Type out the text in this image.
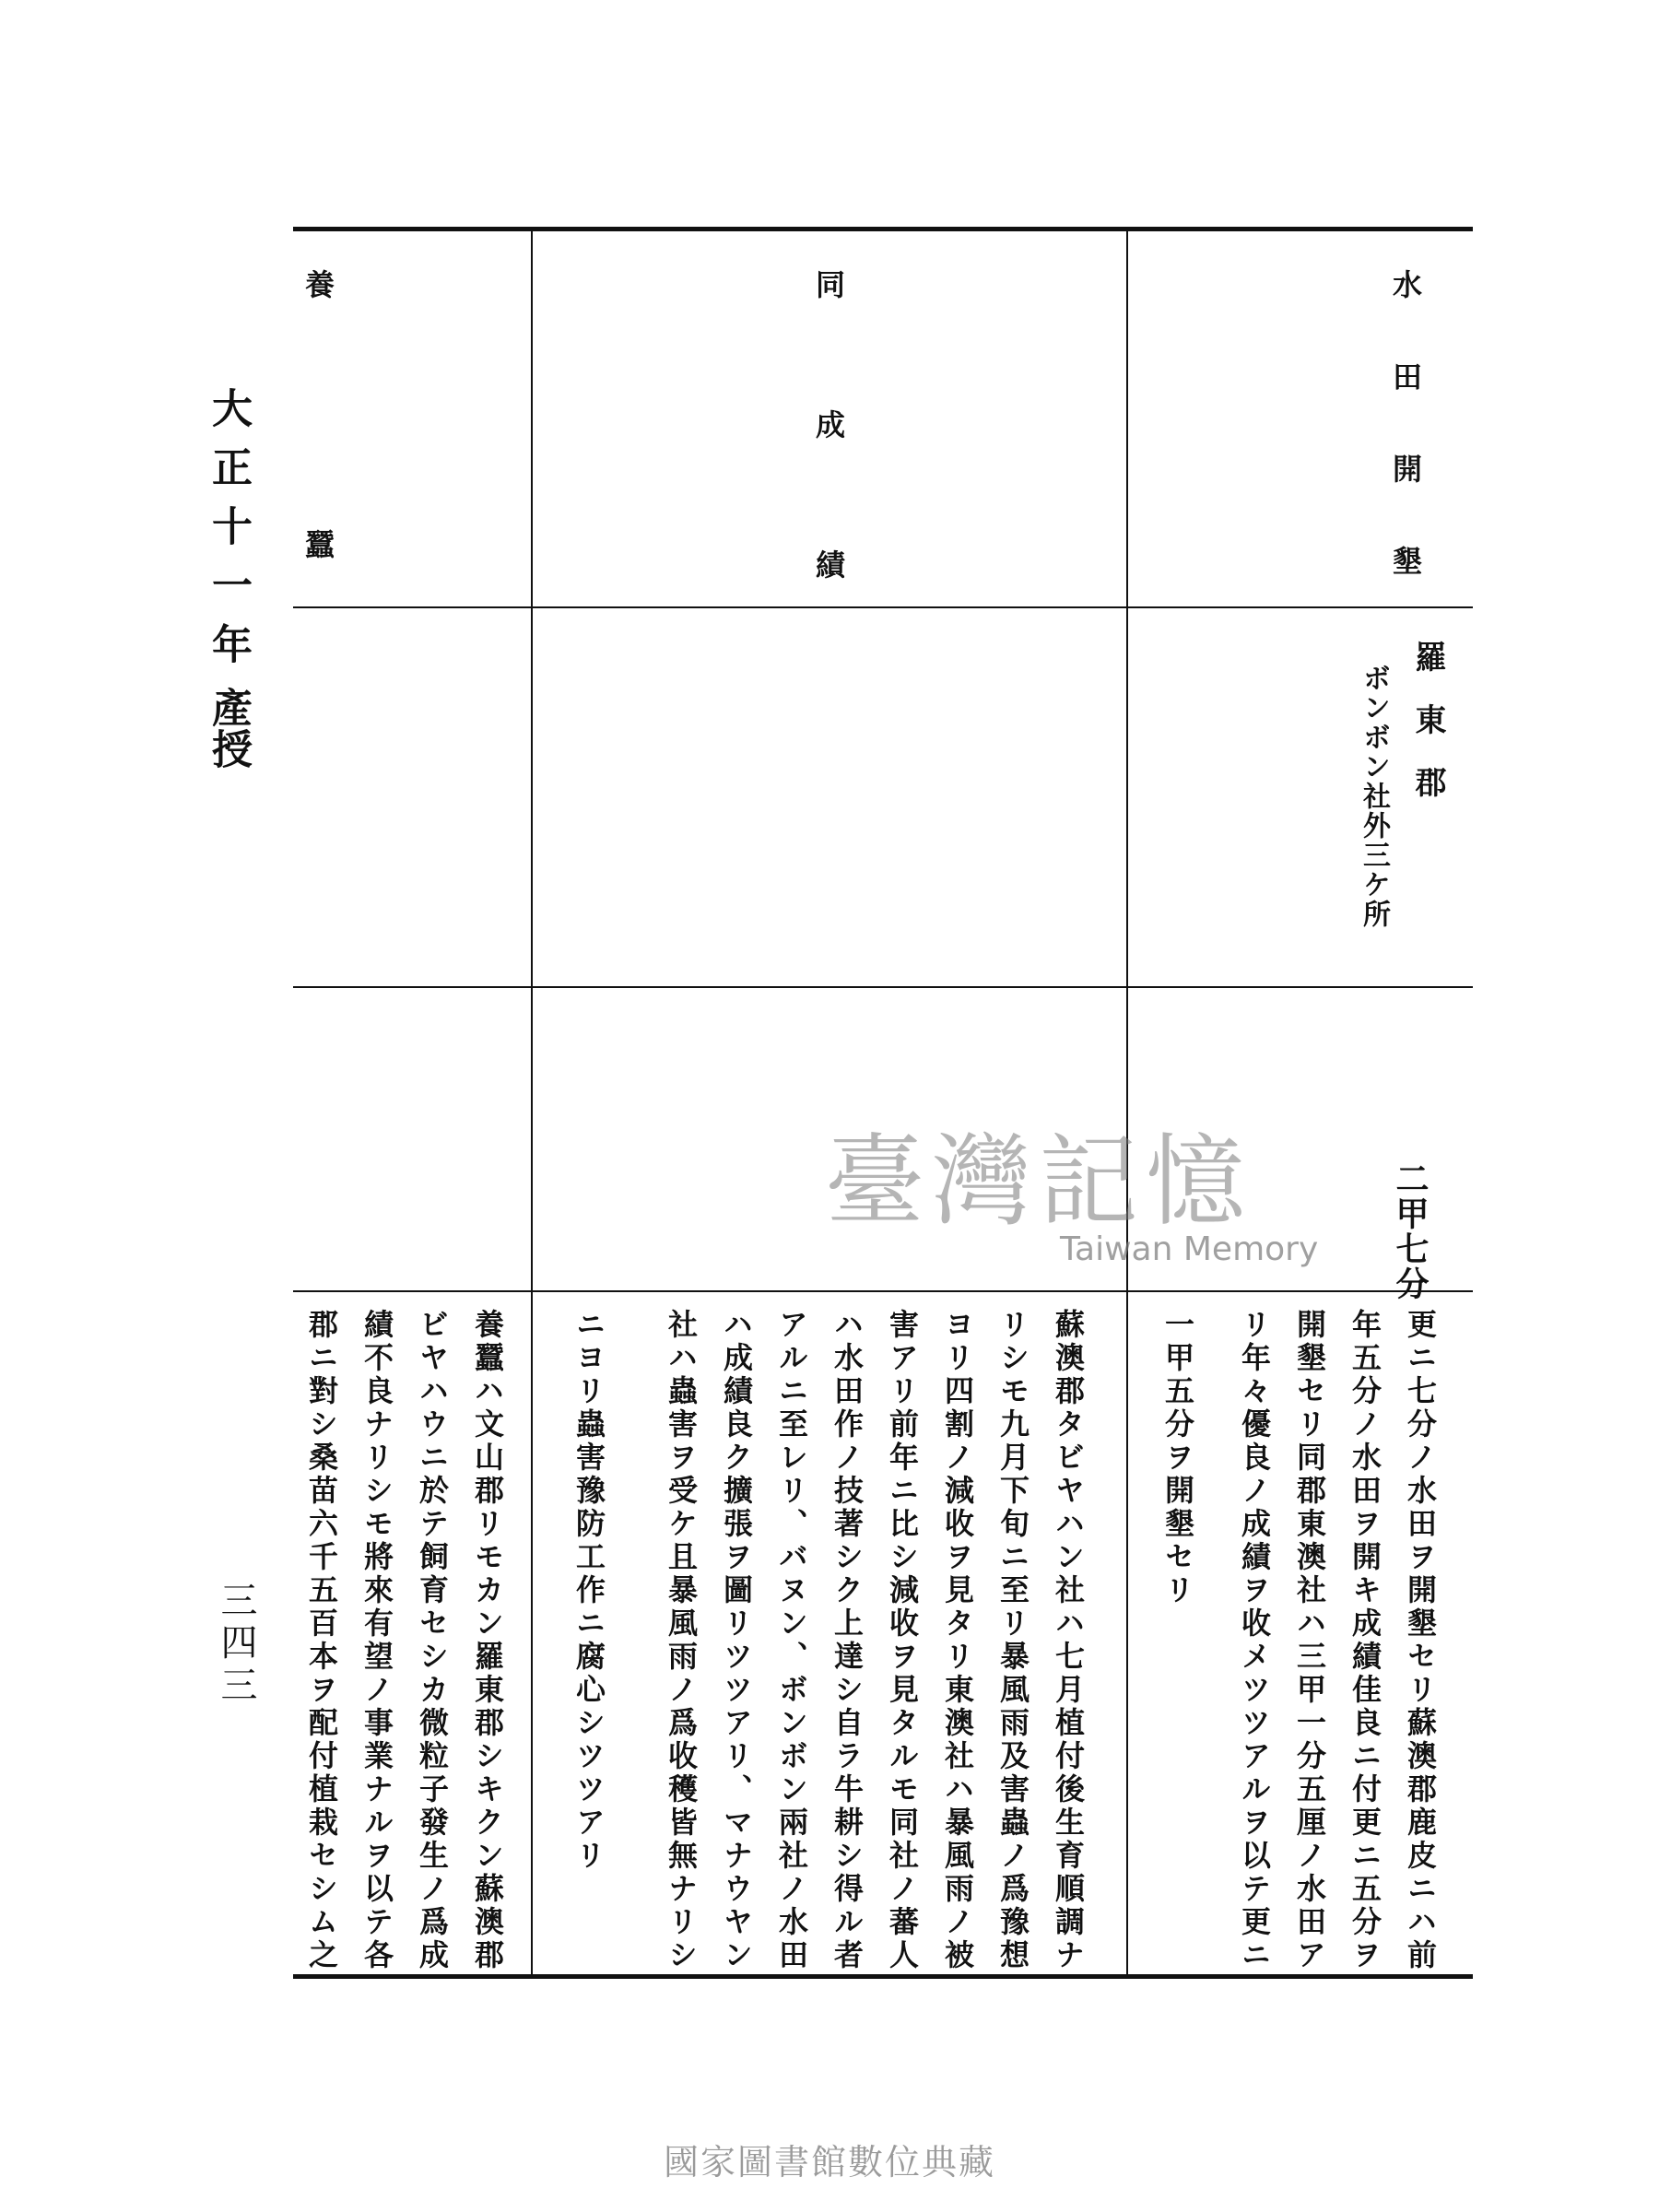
大正十一年授
產
三四三
水田開墾
同成績
養蠶	羅東郡
ボンボン社外三ケ所
二甲七分
更ニ七分ノ水田ヲ開墾セリ蘇澳郡鹿皮ニハ前
年五分ノ水田ヲ開キ成績佳良ニ付更ニ五分ヲ
開墾セリ同郡東澳社ハ三甲一分五厘ノ水田ア
リ年々優良ノ成績ヲ收メツツアルヲ以テ更ニ
一甲五分ヲ開墾セリ
蘇澳郡タビヤハン社ハ七月植付後生育順調ナ
リシモ九月下旬ニ至リ暴風雨及害蟲ノ爲豫想
ヨリ四割ノ減收ヲ見タリ東澳社ハ暴風雨ノ被
害アリ前年ニ比シ減收ヲ見タルモ同社ノ蕃人
ハ水田作ノ技著シク上達シ自ラ牛耕シ得ル者
アルニ至レリ、バヌン、ボンボン兩社ノ水田
ハ成績良ク擴張ヲ圖リツツアリ、マナウヤン
社ハ蟲害ヲ受ケ且暴風雨ノ爲收穫皆無ナリシ
ニヨリ蟲害豫防工作ニ腐心シツツアリ
養蠶ハ文山郡リモカン羅東郡シキクン蘇澳郡
ビヤハウニ於テ飼育セシカ微粒子發生ノ爲成
績不良ナリシモ將來有望ノ事業ナルヲ以テ各
郡ニ對シ桑苗六千五百本ヲ配付植栽セシム之
臺灣記憶
Taiwan Memory
國家圖書館數位典藏
